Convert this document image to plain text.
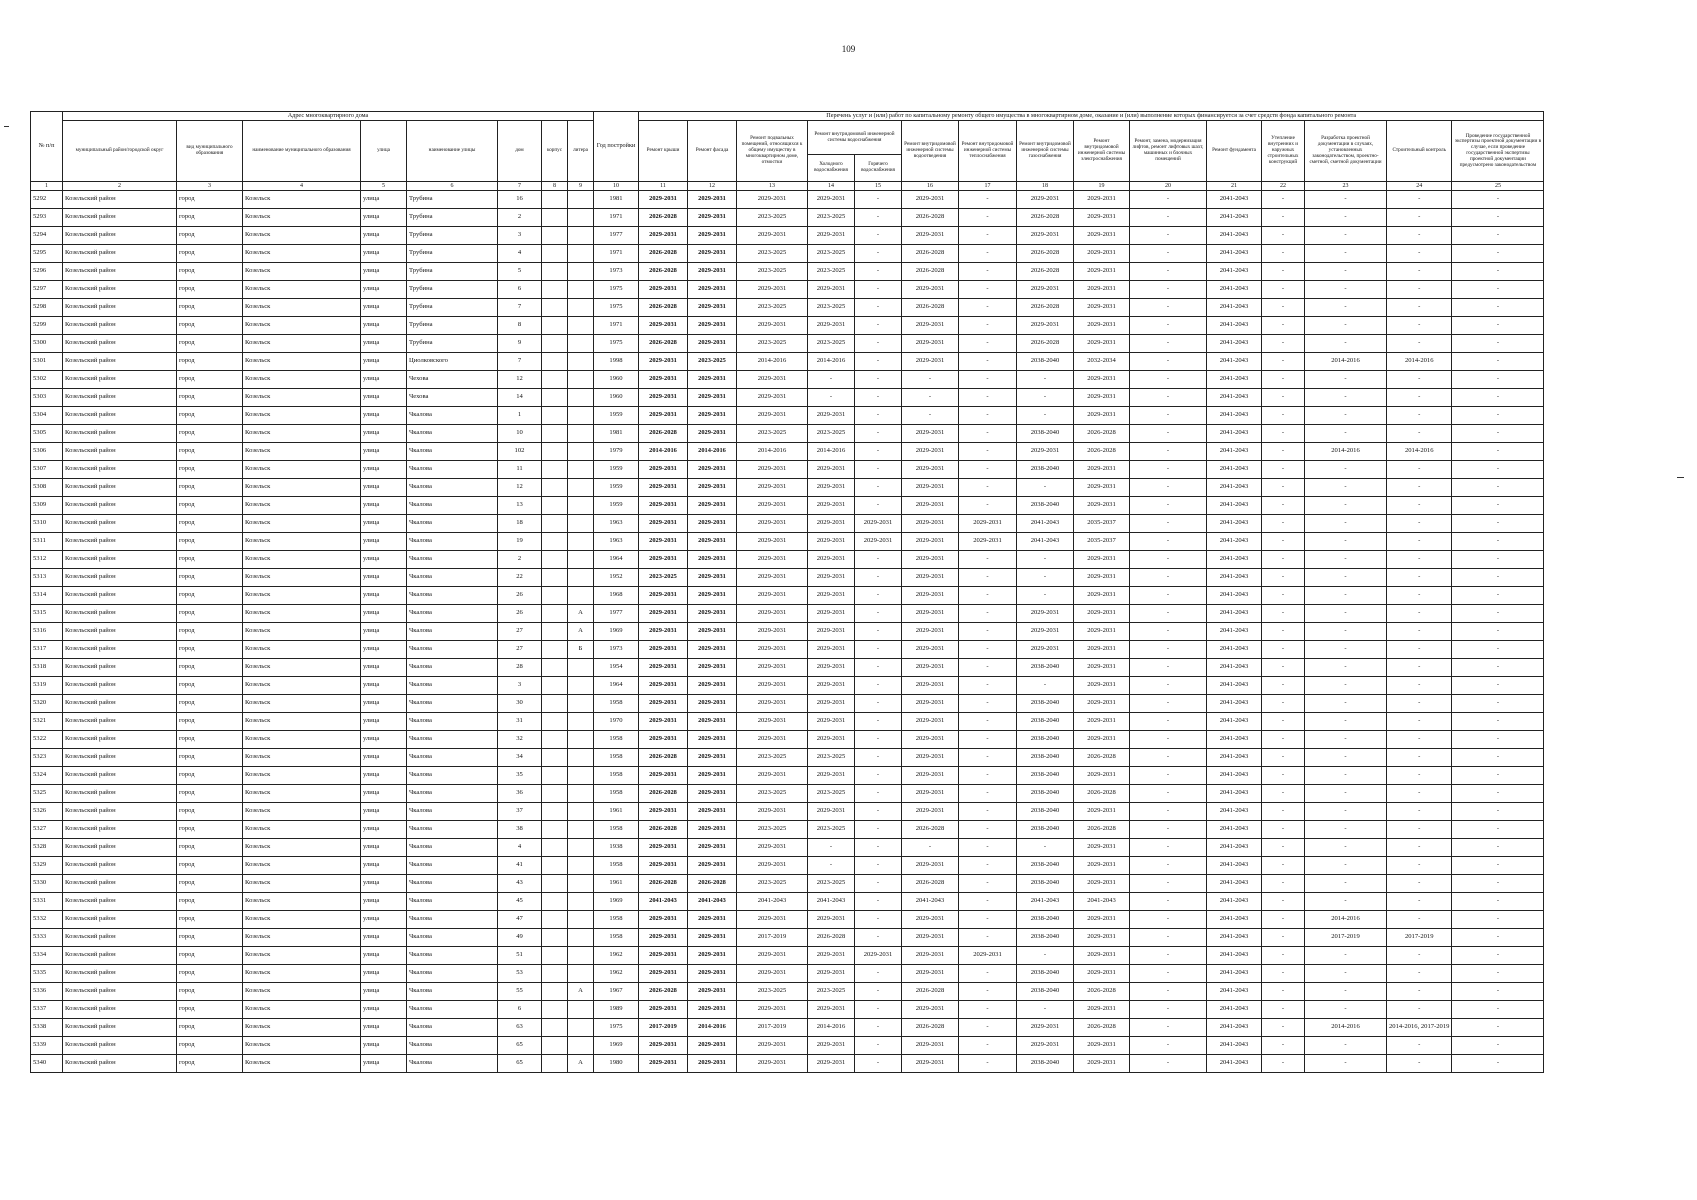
109
№ п/п	Адрес многоквартирного дома								Год постройки	Перечень услуг и (или) работ по капитальному ремонту общего имущества в многоквартирном доме, оказание и (или) выполнение которых финансируется за счет средств фонда капитального ремонта														
	муниципальный район/городской округ	вид муниципального образования	наименование муниципального образования	улица	наименование улицы	дом	корпус	литера		Ремонт крыши	Ремонт фасада	Ремонт подвальных помещений, относящихся к общему имуществу в многоквартирном доме, отмостки	Ремонт внутридомовой инженерной системы водоснабжения		Ремонт внутридомовой инженерной системы водоотведения	Ремонт внутридомовой инженерной системы теплоснабжения	Ремонт внутридомовой инженерной системы газоснабжения	Ремонт внутридомовой инженерной системы электроснабжения	Ремонт, замена, модернизация лифтов, ремонт лифтовых шахт, машинных и блочных помещений	Ремонт фундамента	Утепление внутренних и наружных строительных конструкций	Разработка проектной документации в случаях, установленных законодательством, проектно-сметной, сметной документации	Строительный контроль	Проведение государственной экспертизы проектной документации в случае, если проведение государственной экспертизы проектной документации предусмотрено законодательством
													Холодного водоснабжения	Горячего водоснабжения										
1	2	3	4	5	6	7	8	9	10	11	12	13	14	15	16	17	18	19	20	21	22	23	24	25
5292	Козельский район	город	Козельск	улица	Трубина	16			1981	2029-2031	2029-2031	2029-2031	2029-2031	-	2029-2031	-	2029-2031	2029-2031	-	2041-2043	-	-	-	-
5293	Козельский район	город	Козельск	улица	Трубина	2			1971	2026-2028	2029-2031	2023-2025	2023-2025	-	2026-2028	-	2026-2028	2029-2031	-	2041-2043	-	-	-	-
5294	Козельский район	город	Козельск	улица	Трубина	3			1977	2029-2031	2029-2031	2029-2031	2029-2031	-	2029-2031	-	2029-2031	2029-2031	-	2041-2043	-	-	-	-
5295	Козельский район	город	Козельск	улица	Трубина	4			1971	2026-2028	2029-2031	2023-2025	2023-2025	-	2026-2028	-	2026-2028	2029-2031	-	2041-2043	-	-	-	-
5296	Козельский район	город	Козельск	улица	Трубина	5			1973	2026-2028	2029-2031	2023-2025	2023-2025	-	2026-2028	-	2026-2028	2029-2031	-	2041-2043	-	-	-	-
5297	Козельский район	город	Козельск	улица	Трубина	6			1975	2029-2031	2029-2031	2029-2031	2029-2031	-	2029-2031	-	2029-2031	2029-2031	-	2041-2043	-	-	-	-
5298	Козельский район	город	Козельск	улица	Трубина	7			1975	2026-2028	2029-2031	2023-2025	2023-2025	-	2026-2028	-	2026-2028	2029-2031	-	2041-2043	-	-	-	-
5299	Козельский район	город	Козельск	улица	Трубина	8			1971	2029-2031	2029-2031	2029-2031	2029-2031	-	2029-2031	-	2029-2031	2029-2031	-	2041-2043	-	-	-	-
5300	Козельский район	город	Козельск	улица	Трубина	9			1975	2026-2028	2029-2031	2023-2025	2023-2025	-	2029-2031	-	2026-2028	2029-2031	-	2041-2043	-	-	-	-
5301	Козельский район	город	Козельск	улица	Циолковского	7			1998	2029-2031	2023-2025	2014-2016	2014-2016	-	2029-2031	-	2038-2040	2032-2034	-	2041-2043	-	2014-2016	2014-2016	-
5302	Козельский район	город	Козельск	улица	Чехова	12			1960	2029-2031	2029-2031	2029-2031	-	-	-	-	-	2029-2031	-	2041-2043	-	-	-	-
5303	Козельский район	город	Козельск	улица	Чехова	14			1960	2029-2031	2029-2031	2029-2031	-	-	-	-	-	2029-2031	-	2041-2043	-	-	-	-
5304	Козельский район	город	Козельск	улица	Чкалова	1			1959	2029-2031	2029-2031	2029-2031	2029-2031	-	-	-	-	2029-2031	-	2041-2043	-	-	-	-
5305	Козельский район	город	Козельск	улица	Чкалова	10			1981	2026-2028	2029-2031	2023-2025	2023-2025	-	2029-2031	-	2038-2040	2026-2028	-	2041-2043	-	-	-	-
5306	Козельский район	город	Козельск	улица	Чкалова	102			1979	2014-2016	2014-2016	2014-2016	2014-2016	-	2029-2031	-	2029-2031	2026-2028	-	2041-2043	-	2014-2016	2014-2016	-
5307	Козельский район	город	Козельск	улица	Чкалова	11			1959	2029-2031	2029-2031	2029-2031	2029-2031	-	2029-2031	-	2038-2040	2029-2031	-	2041-2043	-	-	-	-
5308	Козельский район	город	Козельск	улица	Чкалова	12			1959	2029-2031	2029-2031	2029-2031	2029-2031	-	2029-2031	-	-	2029-2031	-	2041-2043	-	-	-	-
5309	Козельский район	город	Козельск	улица	Чкалова	13			1959	2029-2031	2029-2031	2029-2031	2029-2031	-	2029-2031	-	2038-2040	2029-2031	-	2041-2043	-	-	-	-
5310	Козельский район	город	Козельск	улица	Чкалова	18			1963	2029-2031	2029-2031	2029-2031	2029-2031	2029-2031	2029-2031	2029-2031	2041-2043	2035-2037	-	2041-2043	-	-	-	-
5311	Козельский район	город	Козельск	улица	Чкалова	19			1963	2029-2031	2029-2031	2029-2031	2029-2031	2029-2031	2029-2031	2029-2031	2041-2043	2035-2037	-	2041-2043	-	-	-	-
5312	Козельский район	город	Козельск	улица	Чкалова	2			1964	2029-2031	2029-2031	2029-2031	2029-2031	-	2029-2031	-	-	2029-2031	-	2041-2043	-	-	-	-
5313	Козельский район	город	Козельск	улица	Чкалова	22			1952	2023-2025	2029-2031	2029-2031	2029-2031	-	2029-2031	-	-	2029-2031	-	2041-2043	-	-	-	-
5314	Козельский район	город	Козельск	улица	Чкалова	26			1968	2029-2031	2029-2031	2029-2031	2029-2031	-	2029-2031	-	-	2029-2031	-	2041-2043	-	-	-	-
5315	Козельский район	город	Козельск	улица	Чкалова	26		А	1977	2029-2031	2029-2031	2029-2031	2029-2031	-	2029-2031	-	2029-2031	2029-2031	-	2041-2043	-	-	-	-
5316	Козельский район	город	Козельск	улица	Чкалова	27		А	1969	2029-2031	2029-2031	2029-2031	2029-2031	-	2029-2031	-	2029-2031	2029-2031	-	2041-2043	-	-	-	-
5317	Козельский район	город	Козельск	улица	Чкалова	27		Б	1973	2029-2031	2029-2031	2029-2031	2029-2031	-	2029-2031	-	2029-2031	2029-2031	-	2041-2043	-	-	-	-
5318	Козельский район	город	Козельск	улица	Чкалова	28			1954	2029-2031	2029-2031	2029-2031	2029-2031	-	2029-2031	-	2038-2040	2029-2031	-	2041-2043	-	-	-	-
5319	Козельский район	город	Козельск	улица	Чкалова	3			1964	2029-2031	2029-2031	2029-2031	2029-2031	-	2029-2031	-	-	2029-2031	-	2041-2043	-	-	-	-
5320	Козельский район	город	Козельск	улица	Чкалова	30			1958	2029-2031	2029-2031	2029-2031	2029-2031	-	2029-2031	-	2038-2040	2029-2031	-	2041-2043	-	-	-	-
5321	Козельский район	город	Козельск	улица	Чкалова	31			1970	2029-2031	2029-2031	2029-2031	2029-2031	-	2029-2031	-	2038-2040	2029-2031	-	2041-2043	-	-	-	-
5322	Козельский район	город	Козельск	улица	Чкалова	32			1958	2029-2031	2029-2031	2029-2031	2029-2031	-	2029-2031	-	2038-2040	2029-2031	-	2041-2043	-	-	-	-
5323	Козельский район	город	Козельск	улица	Чкалова	34			1958	2026-2028	2029-2031	2023-2025	2023-2025	-	2029-2031	-	2038-2040	2026-2028	-	2041-2043	-	-	-	-
5324	Козельский район	город	Козельск	улица	Чкалова	35			1958	2029-2031	2029-2031	2029-2031	2029-2031	-	2029-2031	-	2038-2040	2029-2031	-	2041-2043	-	-	-	-
5325	Козельский район	город	Козельск	улица	Чкалова	36			1958	2026-2028	2029-2031	2023-2025	2023-2025	-	2029-2031	-	2038-2040	2026-2028	-	2041-2043	-	-	-	-
5326	Козельский район	город	Козельск	улица	Чкалова	37			1961	2029-2031	2029-2031	2029-2031	2029-2031	-	2029-2031	-	2038-2040	2029-2031	-	2041-2043	-	-	-	-
5327	Козельский район	город	Козельск	улица	Чкалова	38			1958	2026-2028	2029-2031	2023-2025	2023-2025	-	2026-2028	-	2038-2040	2026-2028	-	2041-2043	-	-	-	-
5328	Козельский район	город	Козельск	улица	Чкалова	4			1938	2029-2031	2029-2031	2029-2031	-	-	-	-	-	2029-2031	-	2041-2043	-	-	-	-
5329	Козельский район	город	Козельск	улица	Чкалова	41			1958	2029-2031	2029-2031	2029-2031	-	-	2029-2031	-	2038-2040	2029-2031	-	2041-2043	-	-	-	-
5330	Козельский район	город	Козельск	улица	Чкалова	43			1961	2026-2028	2026-2028	2023-2025	2023-2025	-	2026-2028	-	2038-2040	2029-2031	-	2041-2043	-	-	-	-
5331	Козельский район	город	Козельск	улица	Чкалова	45			1969	2041-2043	2041-2043	2041-2043	2041-2043	-	2041-2043	-	2041-2043	2041-2043	-	2041-2043	-	-	-	-
5332	Козельский район	город	Козельск	улица	Чкалова	47			1958	2029-2031	2029-2031	2029-2031	2029-2031	-	2029-2031	-	2038-2040	2029-2031	-	2041-2043	-	2014-2016	-	-
5333	Козельский район	город	Козельск	улица	Чкалова	49			1958	2029-2031	2029-2031	2017-2019	2026-2028	-	2029-2031	-	2038-2040	2029-2031	-	2041-2043	-	2017-2019	2017-2019	-
5334	Козельский район	город	Козельск	улица	Чкалова	51			1962	2029-2031	2029-2031	2029-2031	2029-2031	2029-2031	2029-2031	2029-2031	-	2029-2031	-	2041-2043	-	-	-	-
5335	Козельский район	город	Козельск	улица	Чкалова	53			1962	2029-2031	2029-2031	2029-2031	2029-2031	-	2029-2031	-	2038-2040	2029-2031	-	2041-2043	-	-	-	-
5336	Козельский район	город	Козельск	улица	Чкалова	55		А	1967	2026-2028	2029-2031	2023-2025	2023-2025	-	2026-2028	-	2038-2040	2026-2028	-	2041-2043	-	-	-	-
5337	Козельский район	город	Козельск	улица	Чкалова	6			1989	2029-2031	2029-2031	2029-2031	2029-2031	-	2029-2031	-	-	2029-2031	-	2041-2043	-	-	-	-
5338	Козельский район	город	Козельск	улица	Чкалова	63			1975	2017-2019	2014-2016	2017-2019	2014-2016	-	2026-2028	-	2029-2031	2026-2028	-	2041-2043	-	2014-2016	2014-2016, 2017-2019	-
5339	Козельский район	город	Козельск	улица	Чкалова	65			1969	2029-2031	2029-2031	2029-2031	2029-2031	-	2029-2031	-	2029-2031	2029-2031	-	2041-2043	-	-	-	-
5340	Козельский район	город	Козельск	улица	Чкалова	65		А	1980	2029-2031	2029-2031	2029-2031	2029-2031	-	2029-2031	-	2038-2040	2029-2031	-	2041-2043	-	-	-	-
